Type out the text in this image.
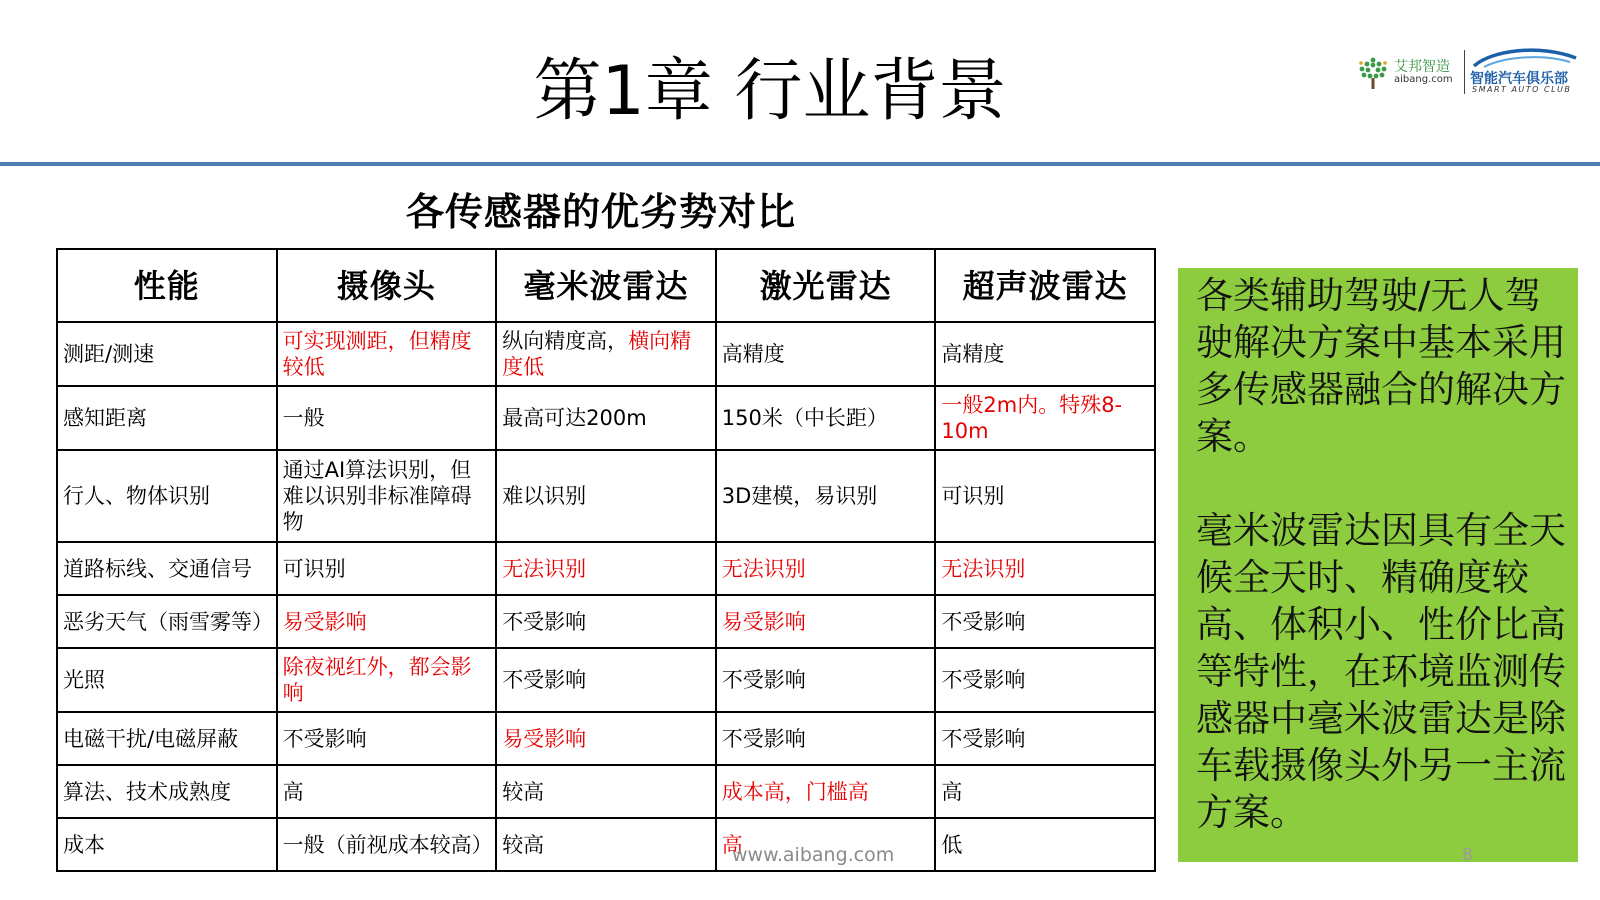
第1章 行业背景	艾邦智造
aibang.com 智能汽车俱乐部
SMART AUTO CLUB
各传感器的优劣势对比
性能	摄像头	毫米波雷达	激光雷达	超声波雷达
测距/测速	可实现测距，但精度较低	纵向精度高，横向精度低	高精度	高精度
感知距离	一般	最高可达200m	150米（中长距）	一般2m内。特殊8-10m
行人、物体识别	通过AI算法识别，但难以识别非标准障碍物	难以识别	3D建模，易识别	可识别
道路标线、交通信号	可识别	无法识别	无法识别	无法识别
恶劣天气（雨雪雾等）	易受影响	不受影响	易受影响	不受影响
光照	除夜视红外，都会影响	不受影响	不受影响	不受影响
电磁干扰/电磁屏蔽	不受影响	易受影响	不受影响	不受影响
算法、技术成熟度	高	较高	成本高，门槛高	高
成本	一般（前视成本较高）	较高	高	低

各类辅助驾驶/无人驾驶解决方案中基本采用多传感器融合的解决方案。

毫米波雷达因具有全天候全天时、精确度较高、体积小、性价比高等特性，在环境监测传感器中毫米波雷达是除车载摄像头外另一主流方案。

www.aibang.com	8
